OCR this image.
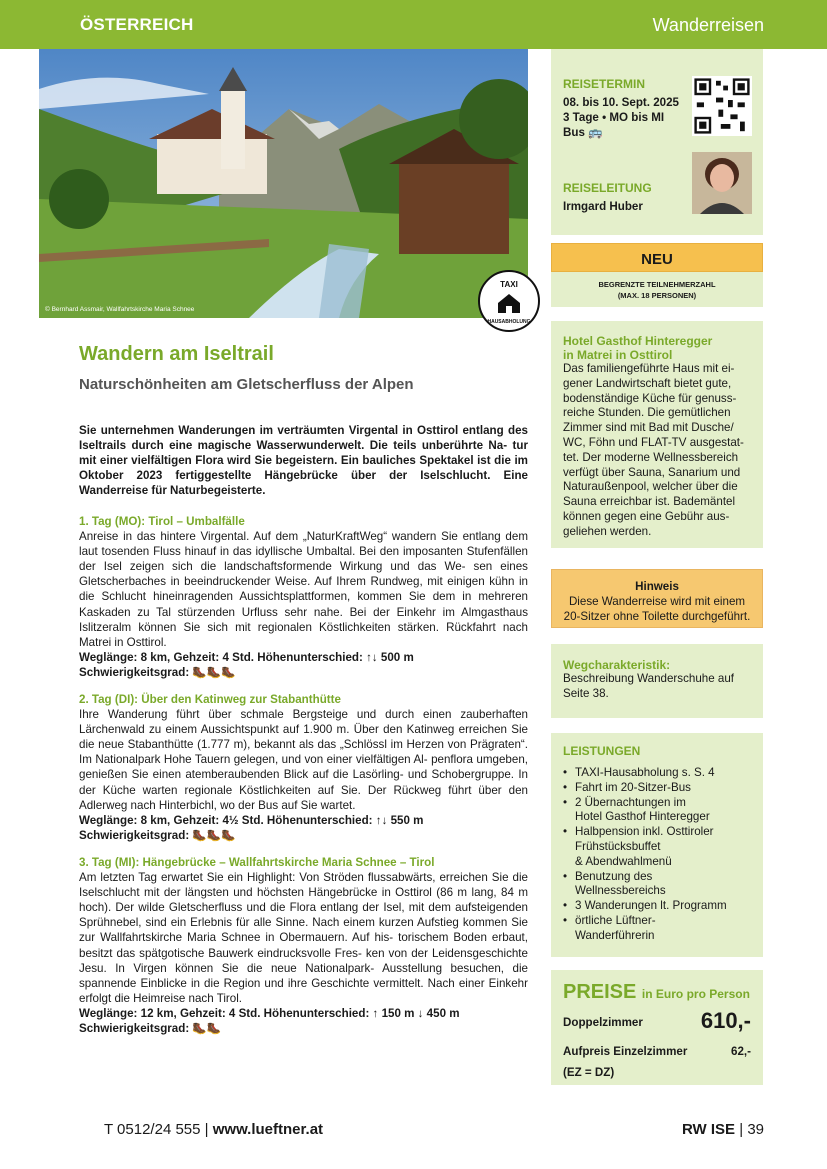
ÖSTERREICH	Wanderreisen
© Bernhard Assmair, Wallfahrtskirche Maria Schnee
TAXI
HAUSABHOLUNG
Wandern am Iseltrail
Naturschönheiten am Gletscherfluss der Alpen
Sie unternehmen Wanderungen im verträumten Virgental in Osttirol entlang des Iseltrails durch eine magische Wasserwunderwelt. Die teils unberührte Na- tur mit einer vielfältigen Flora wird Sie begeistern. Ein bauliches Spektakel ist die im Oktober 2023 fertiggestellte Hängebrücke über der Iselschlucht. Eine Wanderreise für Naturbegeisterte.
1. Tag (MO): Tirol – Umbalfälle
Anreise in das hintere Virgental. Auf dem „NaturKraftWeg“ wandern Sie entlang dem laut tosenden Fluss hinauf in das idyllische Umbaltal. Bei den imposanten Stufenfällen der Isel zeigen sich die landschaftsformende Wirkung und das We- sen eines Gletscherbaches in beeindruckender Weise. Auf Ihrem Rundweg, mit einigen kühn in die Schlucht hineinragenden Aussichtsplattformen, kommen Sie dem in mehreren Kaskaden zu Tal stürzenden Urfluss sehr nahe. Bei der Einkehr im Almgasthaus Islitzeralm können Sie sich mit regionalen Köstlichkeiten stärken. Rückfahrt nach Matrei in Osttirol.
Weglänge: 8 km, Gehzeit: 4 Std. Höhenunterschied: ↑↓ 500 m
Schwierigkeitsgrad: 🥾🥾🥾
2. Tag (DI): Über den Katinweg zur Stabanthütte
Ihre Wanderung führt über schmale Bergsteige und durch einen zauberhaften Lärchenwald zu einem Aussichtspunkt auf 1.900 m. Über den Katinweg erreichen Sie die neue Stabanthütte (1.777 m), bekannt als das „Schlössl im Herzen von Prägraten“. Im Nationalpark Hohe Tauern gelegen, und von einer vielfältigen Al- penflora umgeben, genießen Sie einen atemberaubenden Blick auf die Lasörling- und Schobergruppe. In der Küche warten regionale Köstlichkeiten auf Sie. Der Rückweg führt über den Adlerweg nach Hinterbichl, wo der Bus auf Sie wartet.
Weglänge: 8 km, Gehzeit: 4½ Std. Höhenunterschied: ↑↓ 550 m
Schwierigkeitsgrad: 🥾🥾🥾
3. Tag (MI): Hängebrücke – Wallfahrtskirche Maria Schnee – Tirol
Am letzten Tag erwartet Sie ein Highlight: Von Ströden flussabwärts, erreichen Sie die Iselschlucht mit der längsten und höchsten Hängebrücke in Osttirol (86 m lang, 84 m hoch). Der wilde Gletscherfluss und die Flora entlang der Isel, mit dem aufsteigenden Sprühnebel, sind ein Erlebnis für alle Sinne. Nach einem kurzen Aufstieg kommen Sie zur Wallfahrtskirche Maria Schnee in Obermauern. Auf his- torischem Boden erbaut, besitzt das spätgotische Bauwerk eindrucksvolle Fres- ken von der Leidensgeschichte Jesu. In Virgen können Sie die neue Nationalpark- Ausstellung besuchen, die spannende Einblicke in die Region und ihre Geschichte vermittelt. Nach einer Einkehr erfolgt die Heimreise nach Tirol.
Weglänge: 12 km, Gehzeit: 4 Std. Höhenunterschied: ↑ 150 m ↓ 450 m
Schwierigkeitsgrad: 🥾🥾
REISETERMIN
08. bis 10. Sept. 2025
3 Tage • MO bis MI
Bus 🚌
REISELEITUNG
Irmgard Huber
NEU
BEGRENZTE TEILNEHMERZAHL
(MAX. 18 PERSONEN)
Hotel Gasthof Hinteregger
in Matrei in Osttirol
Das familiengeführte Haus mit ei-
gener Landwirtschaft bietet gute,
bodenständige Küche für genuss-
reiche Stunden. Die gemütlichen
Zimmer sind mit Bad mit Dusche/
WC, Föhn und FLAT-TV ausgestat-
tet. Der moderne Wellnessbereich
verfügt über Sauna, Sanarium und
Naturaußenpool, welcher über die
Sauna erreichbar ist. Bademäntel
können gegen eine Gebühr aus-
geliehen werden.
Hinweis
Diese Wanderreise wird mit einem
20-Sitzer ohne Toilette durchgeführt.
Wegcharakteristik:
Beschreibung Wanderschuhe auf
Seite 38.
LEISTUNGEN
• TAXI-Hausabholung s. S. 4
• Fahrt im 20-Sitzer-Bus
• 2 Übernachtungen im
Hotel Gasthof Hinteregger
• Halbpension inkl. Osttiroler
Frühstücksbuffet
& Abendwahlmenü
• Benutzung des
Wellnessbereichs
• 3 Wanderungen lt. Programm
• örtliche Lüftner-
Wanderführerin
PREISE in Euro pro Person
Doppelzimmer	610,-
Aufpreis Einzelzimmer	62,-
(EZ = DZ)
T 0512/24 555 | www.lueftner.at	RW ISE | 39
